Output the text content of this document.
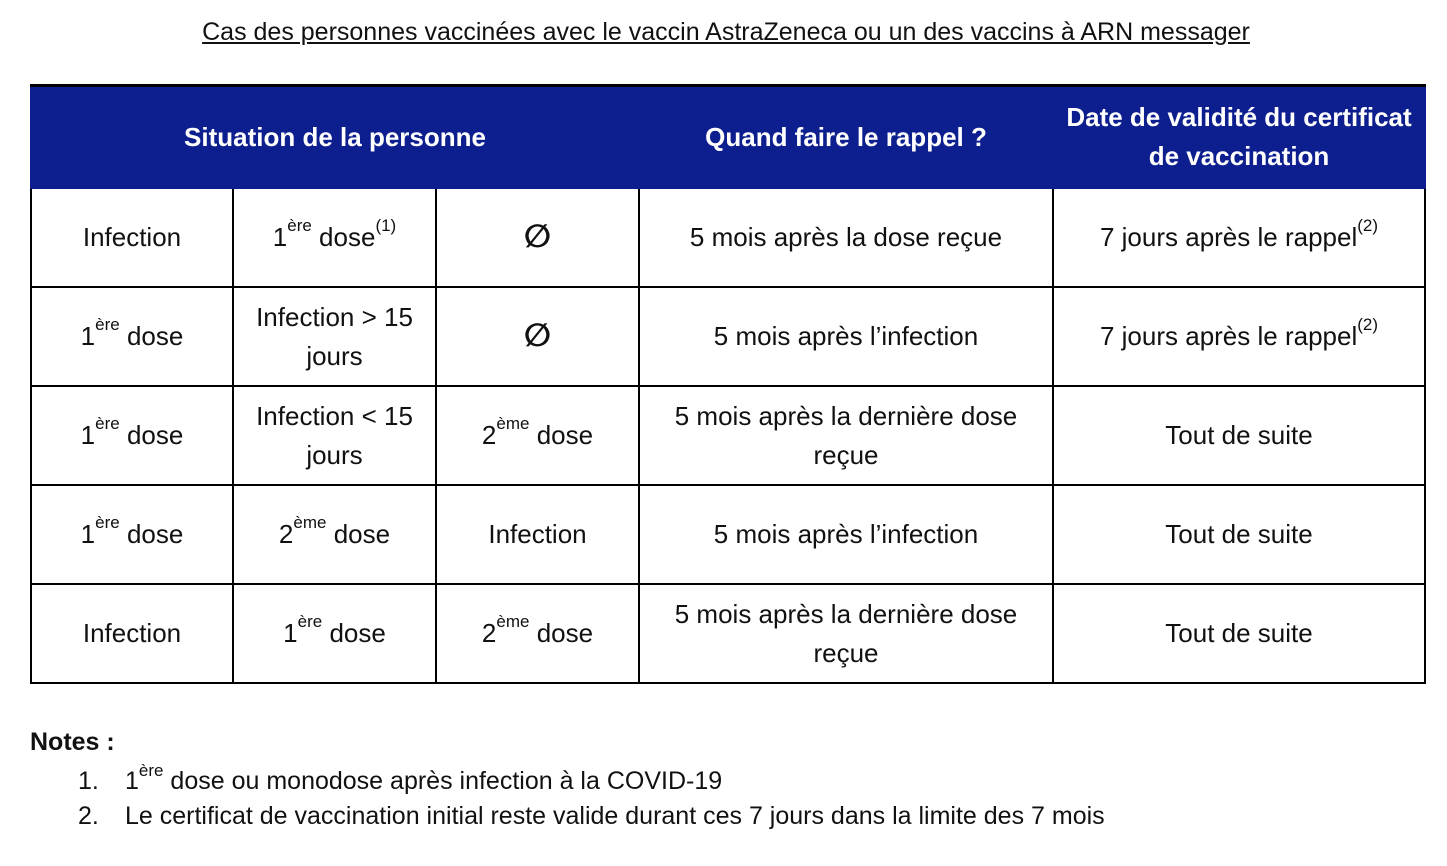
Cas des personnes vaccinées avec le vaccin AstraZeneca ou un des vaccins à ARN messager
Situation de la personne			Quand faire le rappel ?	Date de validité du certificat de vaccination
Infection	1ère dose$^{(1)}$	∅	5 mois après la dose reçue	7 jours après le rappel$^{(2)}$
1ère dose	Infection > 15 jours	∅	5 mois après l’infection	7 jours après le rappel$^{(2)}$
1ère dose	Infection < 15 jours	2ème dose	5 mois après la dernière dose reçue	Tout de suite
1ère dose	2ème dose	Infection	5 mois après l’infection	Tout de suite
Infection	1ère dose	2ème dose	5 mois après la dernière dose reçue	Tout de suite
Notes :
1.	1ère dose ou monodose après infection à la COVID-19
2.	Le certificat de vaccination initial reste valide durant ces 7 jours dans la limite des 7 mois
